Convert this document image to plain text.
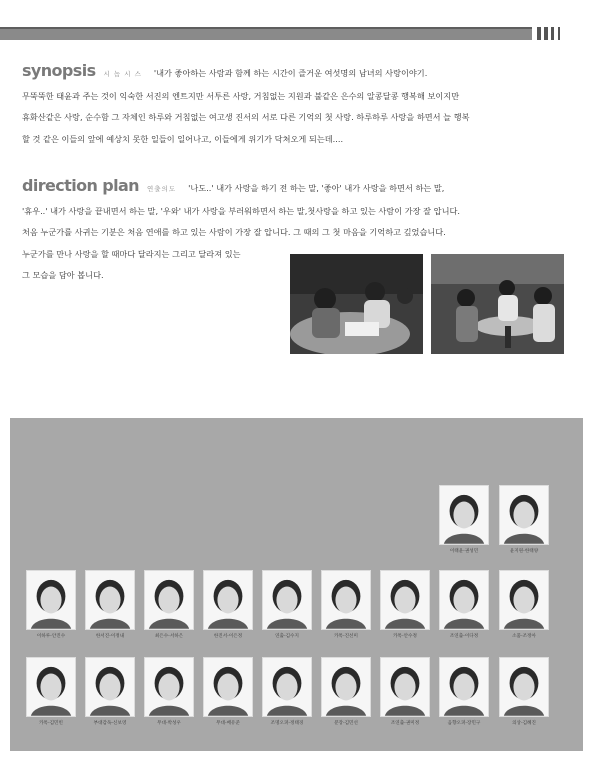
synopsis 시 놉 시 스 '내가 좋아하는 사람과 함께 하는 시간이 즐거운 여섯명의 남녀의 사랑이야기.
무뚝뚝한 태윤과 주는 것이 익숙한 서진의 엔트지만 서투른 사랑, 거침없는 지원과 불같은 은수의 알콩달콩 행복해 보이지만
휴화산같은 사랑, 순수함 그 자체인 하루와 거침없는 여고생 진서의 서로 다른 기억의 첫 사랑. 하루하루 사랑을 하면서 늘 행복
할 것 같은 이들의 앞에 예상치 못한 일들이 일어나고, 이들에게 위기가 닥쳐오게 되는데....
direction plan 연출의도 '나도..' 내가 사랑을 하기 전 하는 말, '좋아' 내가 사랑을 하면서 하는 말,
'휴우..' 내가 사랑을 끝내면서 하는 말, '우와' 내가 사랑을 부러워하면서 하는 말,첫사랑을 하고 있는 사람이 가장 잘 압니다.
처음 누군가를 사귀는 기분은 처음 연애를 하고 있는 사람이 가장 잘 압니다. 그 때의 그 첫 마음을 기억하고 깊었습니다.
누군가를 만나 사랑을 할 때마다 달라지는 그리고 달라져 있는
그 모습을 담아 봅니다.
이태윤-권성민	윤지원-한태양
이하루-안진수	한서진-이정내	최은수-서하은	한진서-이은정	연출-김수지	카톡-진선미	카톡-안수정	조연출-이다정	소품-조정아
카톡-김민빈	부대감독-신보영	무대-박성우	무대-배유준	조명오퍼-정태경	분장-김민선	조연출-권미정	음향오퍼-장민구	의상-김혜진
